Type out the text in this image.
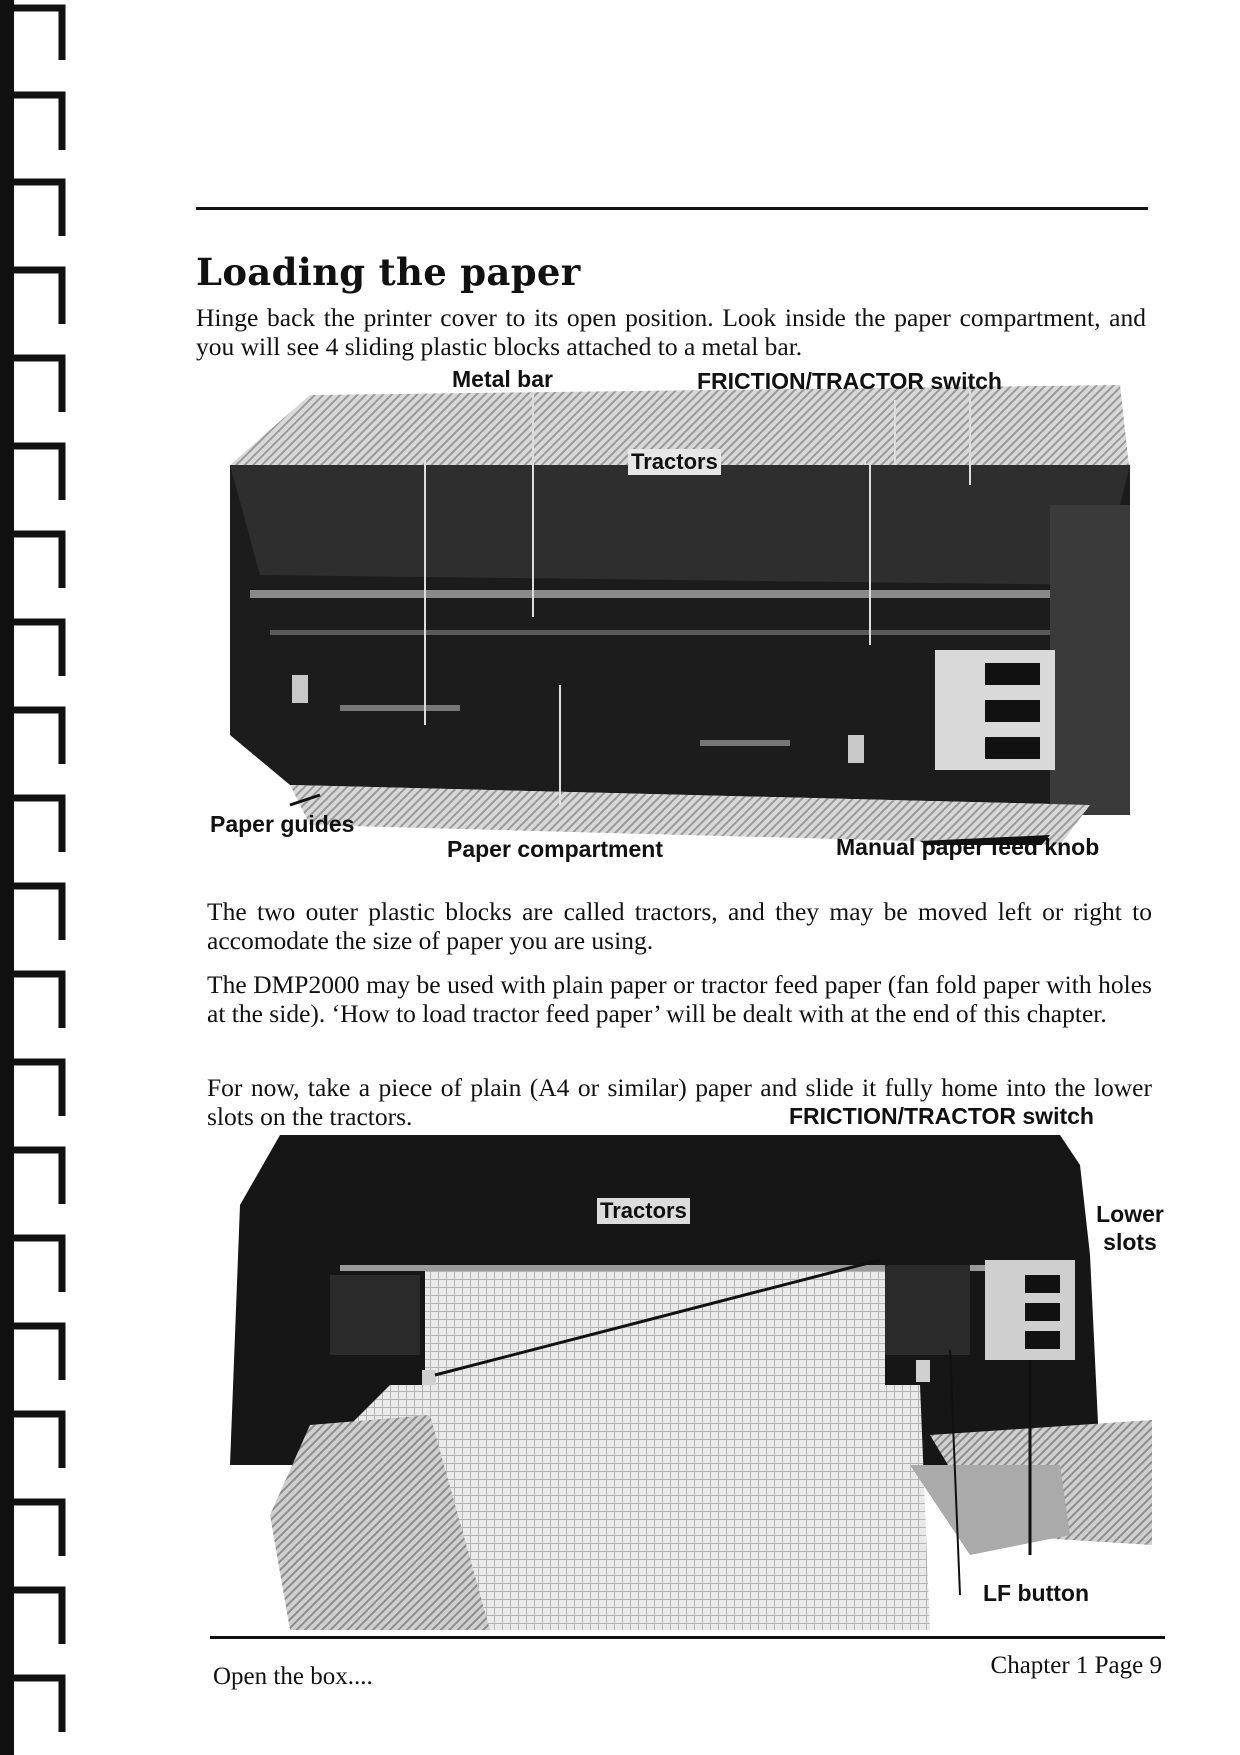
Loading the paper

Hinge back the printer cover to its open position. Look inside the paper compartment, and you will see 4 sliding plastic blocks attached to a metal bar.

Metal bar	FRICTION/TRACTOR switch
Tractors
Paper guides
Paper compartment	Manual paper feed knob

The two outer plastic blocks are called tractors, and they may be moved left or right to accomodate the size of paper you are using.

The DMP2000 may be used with plain paper or tractor feed paper (fan fold paper with holes at the side). ‘How to load tractor feed paper’ will be dealt with at the end of this chapter.

For now, take a piece of plain (A4 or similar) paper and slide it fully home into the lower slots on the tractors.	FRICTION/TRACTOR switch
Tractors	Lower slots
LF button
Open the box....	Chapter 1 Page 9
